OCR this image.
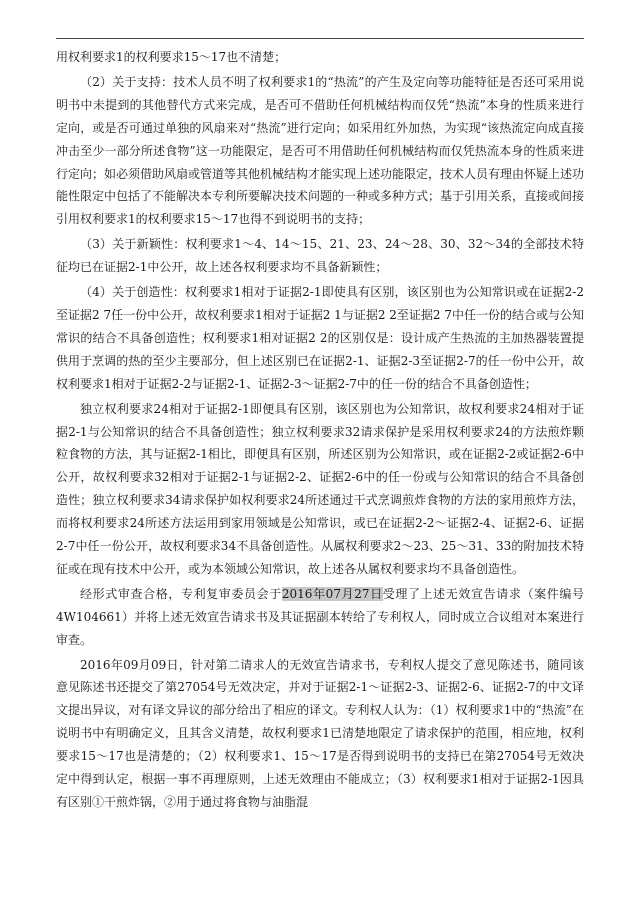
用权利要求1的权利要求15～17也不清楚；

（2）关于支持：技术人员不明了权利要求1的“热流”的产生及定向等功能特征是否还可采用说明书中未提到的其他替代方式来完成，是否可不借助任何机械结构而仅凭“热流”本身的性质来进行定向，或是否可通过单独的风扇来对“热流”进行定向；如采用红外加热，为实现“该热流定向成直接冲击至少一部分所述食物”这一功能限定，是否可不用借助任何机械结构而仅凭热流本身的性质来进行定向；如必须借助风扇或管道等其他机械结构才能实现上述功能限定，技术人员有理由怀疑上述功能性限定中包括了不能解决本专利所要解决技术问题的一种或多种方式；基于引用关系，直接或间接引用权利要求1的权利要求15～17也得不到说明书的支持；

（3）关于新颖性：权利要求1～4、14～15、21、23、24～28、30、32～34的全部技术特征均已在证据2-1中公开，故上述各权利要求均不具备新颖性；

（4）关于创造性：权利要求1相对于证据2-1即使具有区别，该区别也为公知常识或在证据2-2至证据2 7任一份中公开，故权利要求1相对于证据2 1与证据2 2至证据2 7中任一份的结合或与公知常识的结合不具备创造性；权利要求1相对证据2 2的区别仅是：设计成产生热流的主加热器装置提供用于烹调的热的至少主要部分，但上述区别已在证据2-1、证据2-3至证据2-7的任一份中公开，故权利要求1相对于证据2-2与证据2-1、证据2-3～证据2-7中的任一份的结合不具备创造性；

独立权利要求24相对于证据2-1即便具有区别，该区别也为公知常识，故权利要求24相对于证据2-1与公知常识的结合不具备创造性；独立权利要求32请求保护是采用权利要求24的方法煎炸颗粒食物的方法，其与证据2-1相比，即便具有区别，所述区别为公知常识，或在证据2-2或证据2-6中公开，故权利要求32相对于证据2-1与证据2-2、证据2-6中的任一份或与公知常识的结合不具备创造性；独立权利要求34请求保护如权利要求24所述通过干式烹调煎炸食物的方法的家用煎炸方法，而将权利要求24所述方法运用到家用领域是公知常识，或已在证据2-2～证据2-4、证据2-6、证据2-7中任一份公开，故权利要求34不具备创造性。从属权利要求2～23、25～31、33的附加技术特征或在现有技术中公开，或为本领域公知常识，故上述各从属权利要求均不具备创造性。

经形式审查合格，专利复审委员会于2016年07月27日受理了上述无效宣告请求（案件编号4W104661）并将上述无效宣告请求书及其证据副本转给了专利权人，同时成立合议组对本案进行审查。

2016年09月09日，针对第二请求人的无效宣告请求书，专利权人提交了意见陈述书，随同该意见陈述书还提交了第27054号无效决定，并对于证据2-1～证据2-3、证据2-6、证据2-7的中文译文提出异议，对有译文异议的部分给出了相应的译文。专利权人认为：（1）权利要求1中的“热流”在说明书中有明确定义，且其含义清楚，故权利要求1已清楚地限定了请求保护的范围，相应地，权利要求15～17也是清楚的；（2）权利要求1、15～17是否得到说明书的支持已在第27054号无效决定中得到认定，根据一事不再理原则，上述无效理由不能成立；（3）权利要求1相对于证据2-1因具有区别①干煎炸锅，②用于通过将食物与油脂混
